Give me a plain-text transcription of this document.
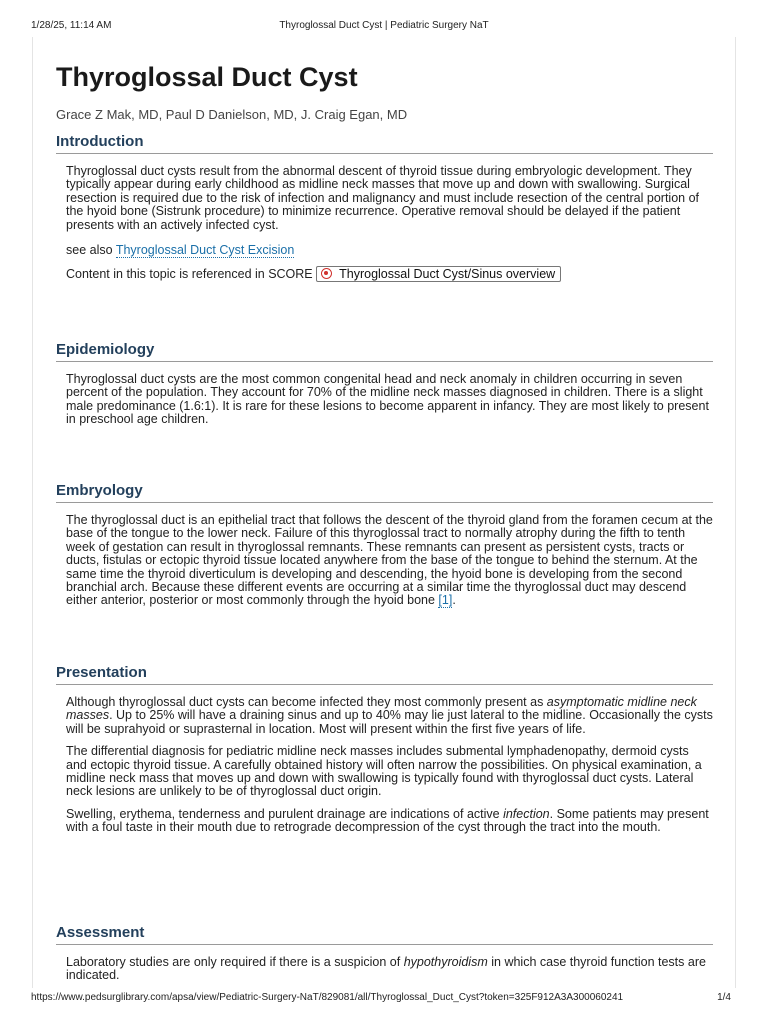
1/28/25, 11:14 AM	Thyroglossal Duct Cyst | Pediatric Surgery NaT
Thyroglossal Duct Cyst
Grace Z Mak, MD, Paul D Danielson, MD, J. Craig Egan, MD
Introduction

Thyroglossal duct cysts result from the abnormal descent of thyroid tissue during embryologic development. They typically appear during early childhood as midline neck masses that move up and down with swallowing. Surgical resection is required due to the risk of infection and malignancy and must include resection of the central portion of the hyoid bone (Sistrunk procedure) to minimize recurrence. Operative removal should be delayed if the patient presents with an actively infected cyst.

see also Thyroglossal Duct Cyst Excision

Content in this topic is referenced in SCORE Thyroglossal Duct Cyst/Sinus overview

Epidemiology

Thyroglossal duct cysts are the most common congenital head and neck anomaly in children occurring in seven percent of the population. They account for 70% of the midline neck masses diagnosed in children. There is a slight male predominance (1.6:1). It is rare for these lesions to become apparent in infancy. They are most likely to present in preschool age children.

Embryology

The thyroglossal duct is an epithelial tract that follows the descent of the thyroid gland from the foramen cecum at the base of the tongue to the lower neck. Failure of this thyroglossal tract to normally atrophy during the fifth to tenth week of gestation can result in thyroglossal remnants. These remnants can present as persistent cysts, tracts or ducts, fistulas or ectopic thyroid tissue located anywhere from the base of the tongue to behind the sternum. At the same time the thyroid diverticulum is developing and descending, the hyoid bone is developing from the second branchial arch. Because these different events are occurring at a similar time the thyroglossal duct may descend either anterior, posterior or most commonly through the hyoid bone [1].

Presentation

Although thyroglossal duct cysts can become infected they most commonly present as asymptomatic midline neck masses. Up to 25% will have a draining sinus and up to 40% may lie just lateral to the midline. Occasionally the cysts will be suprahyoid or suprasternal in location. Most will present within the first five years of life.

The differential diagnosis for pediatric midline neck masses includes submental lymphadenopathy, dermoid cysts and ectopic thyroid tissue. A carefully obtained history will often narrow the possibilities. On physical examination, a midline neck mass that moves up and down with swallowing is typically found with thyroglossal duct cysts. Lateral neck lesions are unlikely to be of thyroglossal duct origin.

Swelling, erythema, tenderness and purulent drainage are indications of active infection. Some patients may present with a foul taste in their mouth due to retrograde decompression of the cyst through the tract into the mouth.

Assessment

Laboratory studies are only required if there is a suspicion of hypothyroidism in which case thyroid function tests are indicated.

https://www.pedsurglibrary.com/apsa/view/Pediatric-Surgery-NaT/829081/all/Thyroglossal_Duct_Cyst?token=325F912A3A300060241	1/4
